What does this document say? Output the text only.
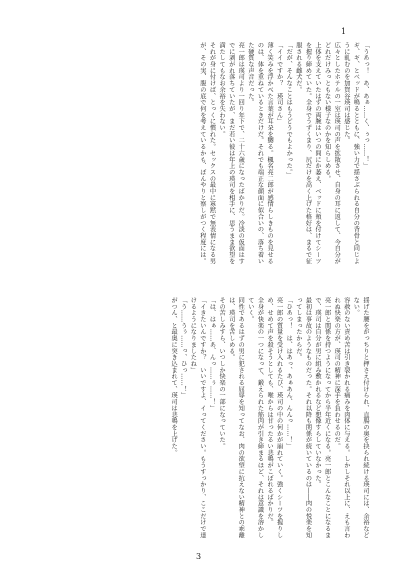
1

「うあっ！　あ、あぁ……く、ぅっ……！」

ギ、ギ、とベッドが鳴るとともに、強い力で揺さぶられる自分の背骨と同じように軋むのを加賀谷瑛司は感じた。

広々としたホテルの一室は瑛司の声を拡散させ、自身の耳に返して、今自分がどれだけみっともない様子なのかを知らしめる。

上体を支えていたはずの両腕はいつの間にか萎え、ベッドに頬を付けてシーツを握り締めていた。全身でうずくまり、尻だけを高く上げた格好は、まるで征服される雌犬だ。

「だが、そんなことはもうどうでもよかった。」

「イイですか？　瑛司さん」

薄く笑みを浮かべた言葉が耳朶を嬲る。楓名亮二郎が感情らしきものを見せるのは、体を重ねているときだけだ。それでも端正な顔面に似合いの、落ち着いた硬質な声音だった。

亮一郎は瑛司より一回り年下で、二十六歳になったばかりだ。冷淡の仮面はすでに剥がれ落ちていたが、まだ若い彼は年上の瑛司を相手に、思うまま欲望を満たしてもなお余裕を失わない。

それが身に付けば、とっくに慣れた。セックスの最中に寡黙で無表情になる男が、その実、腹の底で何を考えているかも、ぼんやりと察しがつく程度には。

揺げた腰をがっちりと押さえ付けられ、直腸の奥を抉られ続ける瑛司には、余裕などない。

容赦のない責め苦は引き裂かれる痛みを肉体に与える。しかしそれ以上に、えも言われぬ快楽の方が、瑛司の精神に深手を負わせるのだ。

亮一郎と関係を持つようになってから半年近くになる。亮一郎とこんなことになるまで、瑛司は自分が男に組み敷かれるなど想像すらしていなかった。

最初は事故のようなものだった。それ以降も関係が続いているのは――肉の悦楽を知ってしまったからだ。

「ひあっ！　は、はあっ、あぁあん、んんっ……！」

亮一郎の質量を受け入れるたび、瑛司の中の何かが崩れていく。強くシーツを握りしめ、せめて声を殺そうとしても、喉からは甘ったるい悲鳴がこぼれるばかりだ。

全身が快楽の一つになって、鍛えられた筋肉が引き締まるほど、それは意識を溶かしていく。

同性であるはずの男に犯される屈辱を知ってなお、肉の欲望に抗えない精神との乖離は、瑛司を苦しめる。

その苦しみすら、いつしか快楽の一部になっていた。

「は、はぁ……あ、んっ……ぅ……！」

「イきたいんですか？　いいですよ、イってください。もうすっかり、ここだけで達けるようになりましたね」

「う……うぅ……っ、ひっ……！」

がつん、と最奥に突き込まれて、瑛司は悲鳴を上げた。

3
